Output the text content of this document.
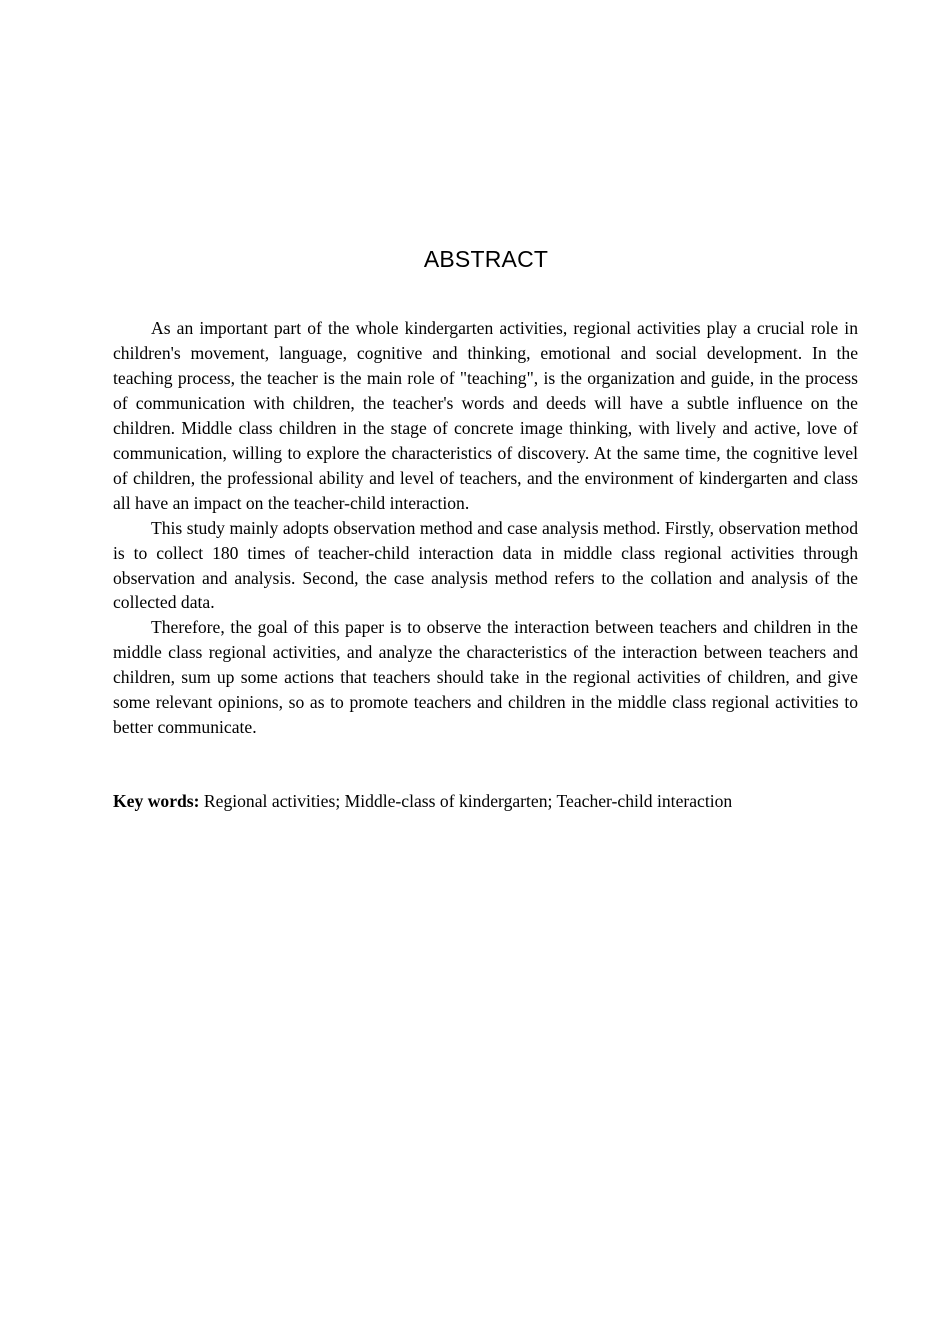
ABSTRACT

As an important part of the whole kindergarten activities, regional activities play a crucial role in children's movement, language, cognitive and thinking, emotional and social development. In the teaching process, the teacher is the main role of "teaching", is the organization and guide, in the process of communication with children, the teacher's words and deeds will have a subtle influence on the children. Middle class children in the stage of concrete image thinking, with lively and active, love of communication, willing to explore the characteristics of discovery. At the same time, the cognitive level of children, the professional ability and level of teachers, and the environment of kindergarten and class all have an impact on the teacher-child interaction.

This study mainly adopts observation method and case analysis method. Firstly, observation method is to collect 180 times of teacher-child interaction data in middle class regional activities through observation and analysis. Second, the case analysis method refers to the collation and analysis of the collected data.

Therefore, the goal of this paper is to observe the interaction between teachers and children in the middle class regional activities, and analyze the characteristics of the interaction between teachers and children, sum up some actions that teachers should take in the regional activities of children, and give some relevant opinions, so as to promote teachers and children in the middle class regional activities to better communicate.

Key words: Regional activities; Middle-class of kindergarten; Teacher-child interaction
